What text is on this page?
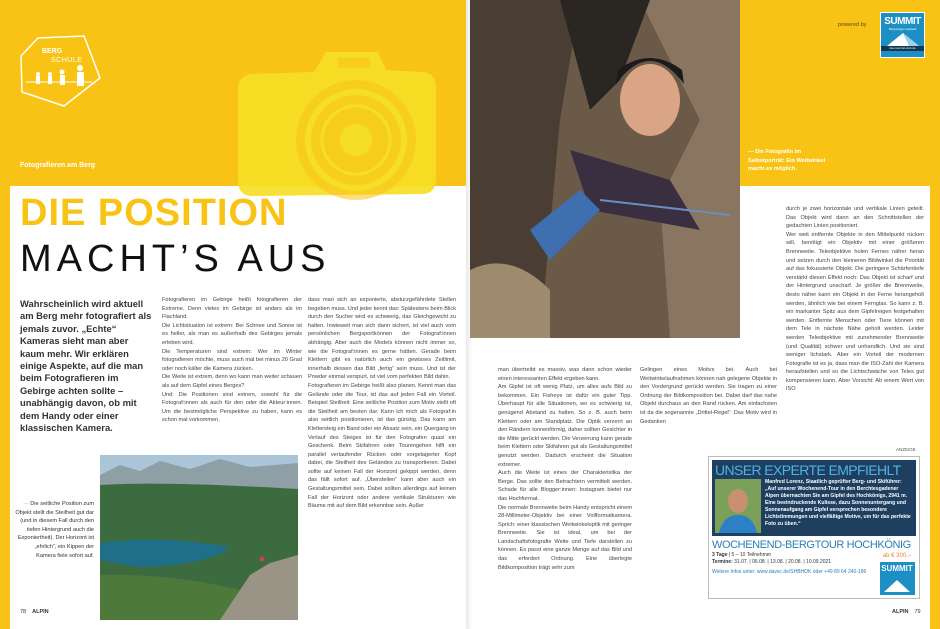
BERG
SCHULE
Fotografieren am Berg
DIE POSITION
MACHT’S AUS
Wahrscheinlich wird aktuell am Berg mehr fotografiert als jemals zuvor. „Echte“ Kameras sieht man aber kaum mehr. Wir erklären einige Aspekte, auf die man beim Fotografieren im Gebirge achten sollte – unabhängig davon, ob mit dem Handy oder einer klassischen Kamera.

Fotografieren im Gebirge heißt fotografieren der Extreme. Denn vieles im Gebirge ist anders als im Flachland.

Die Lichtsituation ist extrem: Bei Schnee und Sonne ist es heller, als man es außerhalb des Gebirges jemals erleben wird.

Die Temperaturen sind extrem: Wer im Winter fotografieren möchte, muss auch mal bei minus 20 Grad oder noch kälter die Kamera zücken.

Die Weite ist extrem, denn wo kann man weiter schauen als auf dem Gipfel eines Berges?

Und: Die Positionen sind extrem, sowohl für die Fotograf:innen als auch für den oder die Akteur:innen. Um die bestmögliche Perspektive zu haben, kann es schon mal vorkommen,

dass man sich an exponierte, absturzgefährdete Stellen begeben muss. Und jeder kennt das: Spätestens beim Blick durch den Sucher wird es schwierig, das Gleichgewicht zu halten. Inwieweit man sich dann sichert, ist viel auch vom persönlichen Bergsportkönnen der Fotograf:innen abhängig. Aber auch die Models können nicht immer so, wie die Fotograf:innen es gerne hätten. Gerade beim Klettern gibt es natürlich auch ein gewisses Zeitlimit, innerhalb dessen das Bild „fertig“ sein muss. Und ist der Powder einmal verspurt, ist viel vom perfekten Bild dahin.

Fotografieren im Gebirge heißt also planen. Kennt man das Gelände oder die Tour, ist das auf jeden Fall ein Vorteil. Beispiel Steilheit: Eine seitliche Position zum Motiv stellt oft die Steilheit am besten dar. Kann ich mich als Fotograf:in also seitlich positionieren, ist das günstig. Das kann am Klettersteig ein Band oder ein Absatz sein, ein Quergang im Verlauf des Steiges ist für den Fotografen quasi ein Geschenk. Beim Skifahren oder Tourengehen hilft ein parallel verlaufender Rücken oder vorgelagerter Kopf dabei, die Steilheit des Geländes zu transportieren. Dabei sollte auf keinen Fall der Horizont gekippt werden, denn das fällt sofort auf. „Übersteilen“ kann aber auch ein Gestaltungsmittel sein. Dabei sollten allerdings auf keinen Fall der Horizont oder andere vertikale Strukturen wie Bäume mit auf dem Bild erkennbar sein. Außer

— Die seitliche Position zum Objekt stellt die Steilheit gut dar (und in diesem Fall durch den tiefen Hintergrund auch die Exponiertheit). Der Horizont ist „ehrlich“, ein Kippen der Kamera fiele sofort auf.
78 ALPIN
powered by	SUMMIT
Bergsteigen weltweit
dav-summit-club.de
— Die Fotografin im Selbstporträt: Ein Weitwinkel macht es möglich.

man übertreibt es massiv, was dann schon wieder einen interessanten Effekt ergeben kann.

Am Gipfel ist oft wenig Platz, um alles aufs Bild zu bekommen. Ein Fisheye ist dafür ein guter Tipp. Überhaupt für alle Situationen, wo es schwierig ist, genügend Abstand zu halten. So z. B. auch beim Klettern oder am Standplatz. Die Optik verzerrt an den Rändern tonnenförmig, daher sollten Gesichter in die Mitte gerückt werden. Die Verzerrung kann gerade beim Klettern oder Skifahren gut als Gestaltungsmittel genutzt werden. Dadurch erscheint die Situation extremer.

Auch die Weite ist eines der Charakteristika der Berge. Das sollte den Betrachtern vermittelt werden. Schade für alle Blogger:innen: Instagram bietet nur das Hochformat.

Die normale Brennweite beim Handy entspricht einem 28-Millimeter-Objektiv bei einer Vollformatkamera. Sprich: einer klassischen Weitwinkeloptik mit geringer Brennweite. Sie ist ideal, um bei der Landschaftsfotografie Weite und Tiefe darstellen zu können. Es passt eine ganze Menge auf das Bild und das erfordert Ordnung. Eine überlegte Bildkomposition trägt sehr zum

Gelingen eines Motivs bei. Auch bei Weitwinkelaufnahmen können nah gelegene Objekte in den Vordergrund gerückt werden. Sie tragen zu einer Ordnung der Bildkomposition bei. Dabei darf das nahe Objekt durchaus an den Rand rücken. Am einfachsten ist da die sogenannte „Drittel-Regel“: Das Motiv wird in Gedanken

durch je zwei horizontale und vertikale Linien geteilt. Das Objekt wird dann an den Schnittstellen der gedachten Linien positioniert.

Wer weit entfernte Objekte in den Mittelpunkt rücken will, benötigt ein Objektiv mit einer größeren Brennweite. Teleobjektive holen Fernes näher heran und setzen durch den kleineren Bildwinkel die Priorität auf das fokussierte Objekt. Die geringere Schärfentiefe verstärkt diesen Effekt noch: Das Objekt ist scharf und der Hintergrund unscharf. Je größer die Brennweite, desto näher kann ein Objekt in der Ferne herangeholt werden, ähnlich wie bei einem Fernglas. So kann z. B. ein markanter Spitz aus dem Gipfelreigen festgehalten werden. Entfernte Menschen oder Tiere können mit dem Tele in nächste Nähe geholt werden. Leider werden Teleobjektive mit zunehmender Brennweite (und Qualität) schwer und unhandlich. Und sie sind weniger lichstark. Aber ein Vorteil der modernen Fotografie ist es ja, dass man die ISO-Zahl der Kamera heraufstellen und so die Lichtschwäche von Teles gut kompensieren kann. Aber Vorsicht: Ab einem Wert von ISO

ANZEIGE
UNSER EXPERTE EMPFIEHLT
Manfred Lorenz, Staatlich geprüfter Berg- und Skiführer:
„Auf unserer Wochenend-Tour in den Berchtesgadener Alpen übernachten Sie am Gipfel des Hochkönigs, 2941 m. Eine beeindruckende Kulisse, dazu Sonnenuntergang und Sonnenaufgang am Gipfel versprechen besondere Lichtstimmungen und vielfältige Motive, um für das perfekte Foto zu üben.“
WOCHENEND-BERGTOUR HOCHKÖNIG
3 Tage | 5 – 10 Teilnehmer
Termine: 31.07. | 06.08. | 13.08. | 20.08. | 10.09.2021
Weitere Infos unter: www.davsc.de/SHBHOK oder +49 89 64 240-186
ab € 300,–
SUMMIT
ALPIN 79
